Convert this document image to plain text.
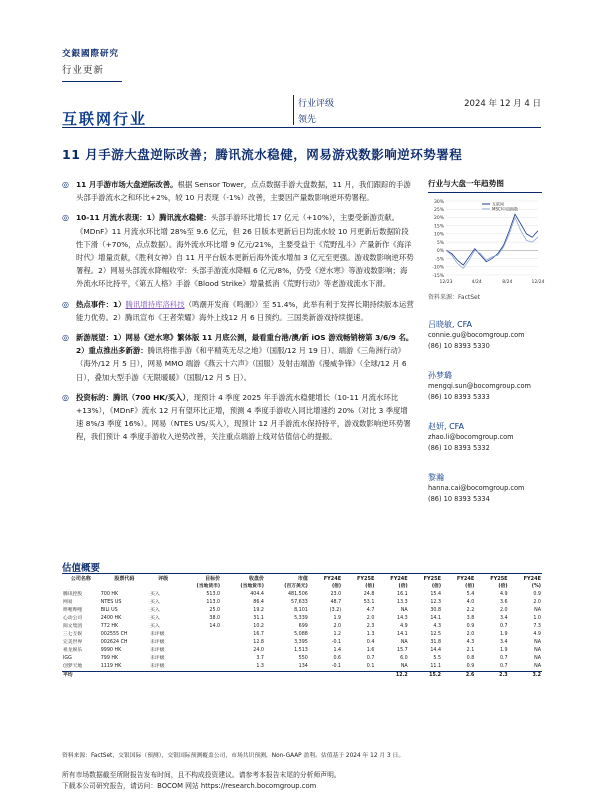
交銀國際研究
行业更新
互联网行业
行业评级
领先
2024 年 12 月 4 日
11 月手游大盘逆际改善；腾讯流水稳健，网易游戏数影响逆环势署程
◎ 11 月手游市场大盘逆际改善。根据 Sensor Tower，点点数据手游大盘数据，11 月，我们跟踪的手游头部手游流水之和环比+2%，较 10 月表现（-1%）改善，主要因产量数影响逆环势署程。
◎ 10-11 月流水表现：1）腾讯流水稳健：头部手游环比增长 17 亿元（+10%），主要受新游贡献。《MDnF》11 月流水环比增 28%至 9.6 亿元，但 26 日版本更新后日均流水较 10 月更新后数据阶段性下滑（+70%，点点数据）。海外流水环比增 9 亿元/21%，主要受益于《荒野乱斗》产量新作《海洋时代》增量贡献，《胜利女神》自 11 月平台版本更新后海外流水增加 3 亿元至更强。游戏数影响逆环势署程。2）网易头部流水降幅收窄：头部手游流水降幅 6 亿元/8%，仍受《逆水寒》等游戏数影响；海外流水环比持平，《第五人格》手游《Blood Strike》增量抵消《荒野行动》等老游戏流水下滑。
◎ 热点事件：1）腾讯增持库洛科技（鸣潮开发商《鸣潮》）至 51.4%，此举有利于发挥长期持续版本运营能力优势。2）腾讯宣布《王者荣耀》海外上线12 月 6 日预约。三国类新游戏持续提速。
◎ 新游展望：1）网易《逆水寒》繁体版 11 月底公测，最看重台港/澳/新 iOS 游戏畅销榜第 3/6/9 名。2）重点推出多新游：腾讯将推手游《和平精英无尽之地》（国服/12 月 19 日）、端游《三角洲行动》（海外/12 月 5 日），网易 MMO 端游《燕云十六声》（国服）及射击端游《漫威争锋》（全球/12 月 6 日），叠加大型手游《无限暖暖》（国服/12 月 5 日）。
◎ 投资标的：腾讯（700 HK/买入），现预计 4 季度 2025 年手游流水稳健增长（10-11 月流水环比+13%），《MDnF》流水 12 月有望环比正增，预测 4 季度手游收入同比增速约 20%（对比 3 季度增速 8%/3 季度 16%）。网易（NTES US/买入），现预计 12 月手游流水保持持平，游戏数影响逆环势署程，我们预计 4 季度手游收入逆势改善，关注重点端游上线对估值信心的提振。
行业与大盘一年趋势图
30%
25%
20%
15%
10%
5%
0%
-5%
-10%
-15%
12/23	4/24	8/24	12/24
互联网
MSCI中国指数
资料来源：FactSet
吕晓敏, CFA
connie.gu@bocomgroup.com
(86) 10 8393 5330
孙梦璐
mengqi.sun@bocomgroup.com
(86) 10 8393 5333
赵妍, CFA
zhao.li@bocomgroup.com
(86) 10 8393 5332
黎瀚
hanna.cai@bocomgroup.com
(86) 10 8393 5334
估值概要
公司名称	股票代码	评级	目标价	收盘价	市值	FY24E	FY25E	FY24E	FY25E	FY24E	FY25E	FY24E
			(当地货币)	(当地货币)	(百万美元)	(倍)	(倍)	(倍)	(倍)	(倍)	(倍)	(%)
腾讯控股	700 HK	买入	513.0	404.4	481,506	23.0	24.8	16.1	15.4	5.4	4.9	0.9
网易	NTES US	买入	113.0	86.4	57,633	48.7	53.1	13.3	12.3	4.0	3.6	2.0
哔哩哔哩	BILI US	买入	25.0	19.2	8,101	(3.2)	4.7	NA	30.8	2.2	2.0	NA
心动公司	2400 HK	买入	38.0	31.1	5,339	1.9	2.0	14.3	14.1	3.8	3.4	1.0
阅文集团	772 HK	买入	14.0	10.2	699	2.0	2.3	4.9	4.3	0.9	0.7	7.3
三七互娱	002555 CH	未评级		16.7	5,088	1.2	1.3	14.1	12.5	2.0	1.9	4.9
完美世界	002624 CH	未评级		12.8	3,395	-0.1	0.4	NA	31.8	4.3	3.4	NA
祖龙娱乐	9990 HK	未评级		24.0	1,513	1.4	1.6	15.7	14.4	2.1	1.9	NA
IGG	799 HK	未评级		3.7	550	0.6	0.7	6.0	5.5	0.8	0.7	NA
创梦天地	1119 HK	未评级		1.3	134	-0.1	0.1	NA	11.1	0.9	0.7	NA
平均								12.2	15.2	2.6	2.3	3.2
资料来源：FactSet，交银国际（预测），交银国际预测覆盖公司，市场共识预测，Non-GAAP 盈利。估值基于 2024 年 12 月 3 日。
所有市场数据截至所附报告发布时间，且不构成投资建议。请参考本报告末尾的分析师声明。
下载本公司研究报告，请访问：BOCOM 网站 https://research.bocomgroup.com
